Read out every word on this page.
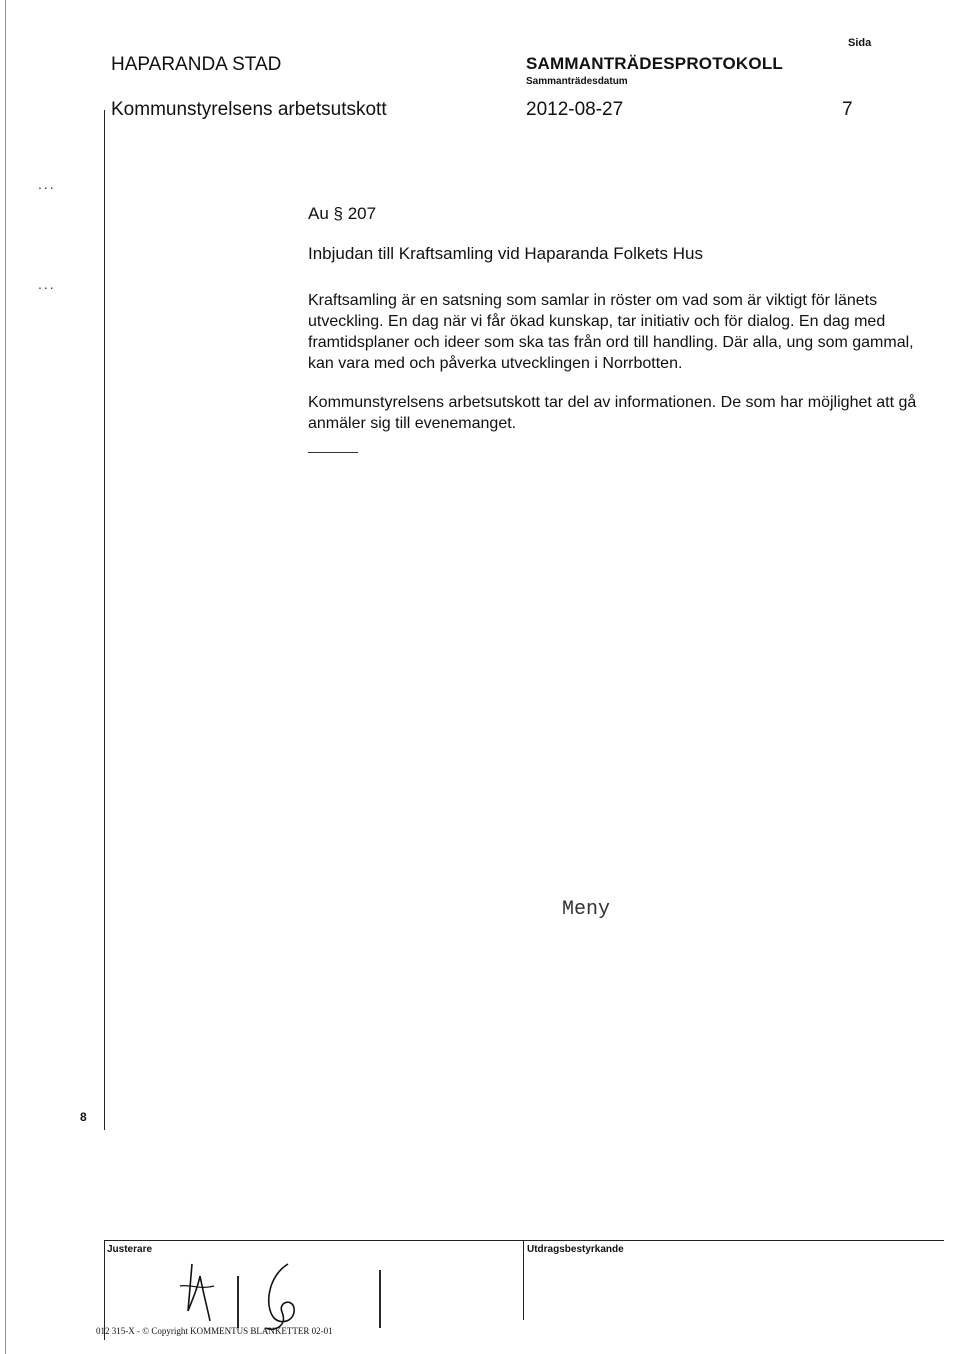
HAPARANDA STAD	SAMMANTRÄDESPROTOKOLL
Sida
Sammanträdesdatum
Kommunstyrelsens arbetsutskott	2012-08-27	7
...
...
Au § 207
Inbjudan till Kraftsamling vid Haparanda Folkets Hus
Kraftsamling är en satsning som samlar in röster om vad som är viktigt för länets utveckling. En dag när vi får ökad kunskap, tar initiativ och för dialog. En dag med framtidsplaner och ideer som ska tas från ord till handling. Där alla, ung som gammal, kan vara med och påverka utvecklingen i Norrbotten.
Kommunstyrelsens arbetsutskott tar del av informationen. De som har möjlighet att gå anmäler sig till evenemanget.
Meny
8
Justerare	Utdragsbestyrkande
012 315-X - © Copyright KOMMENTUS BLANKETTER 02-01
